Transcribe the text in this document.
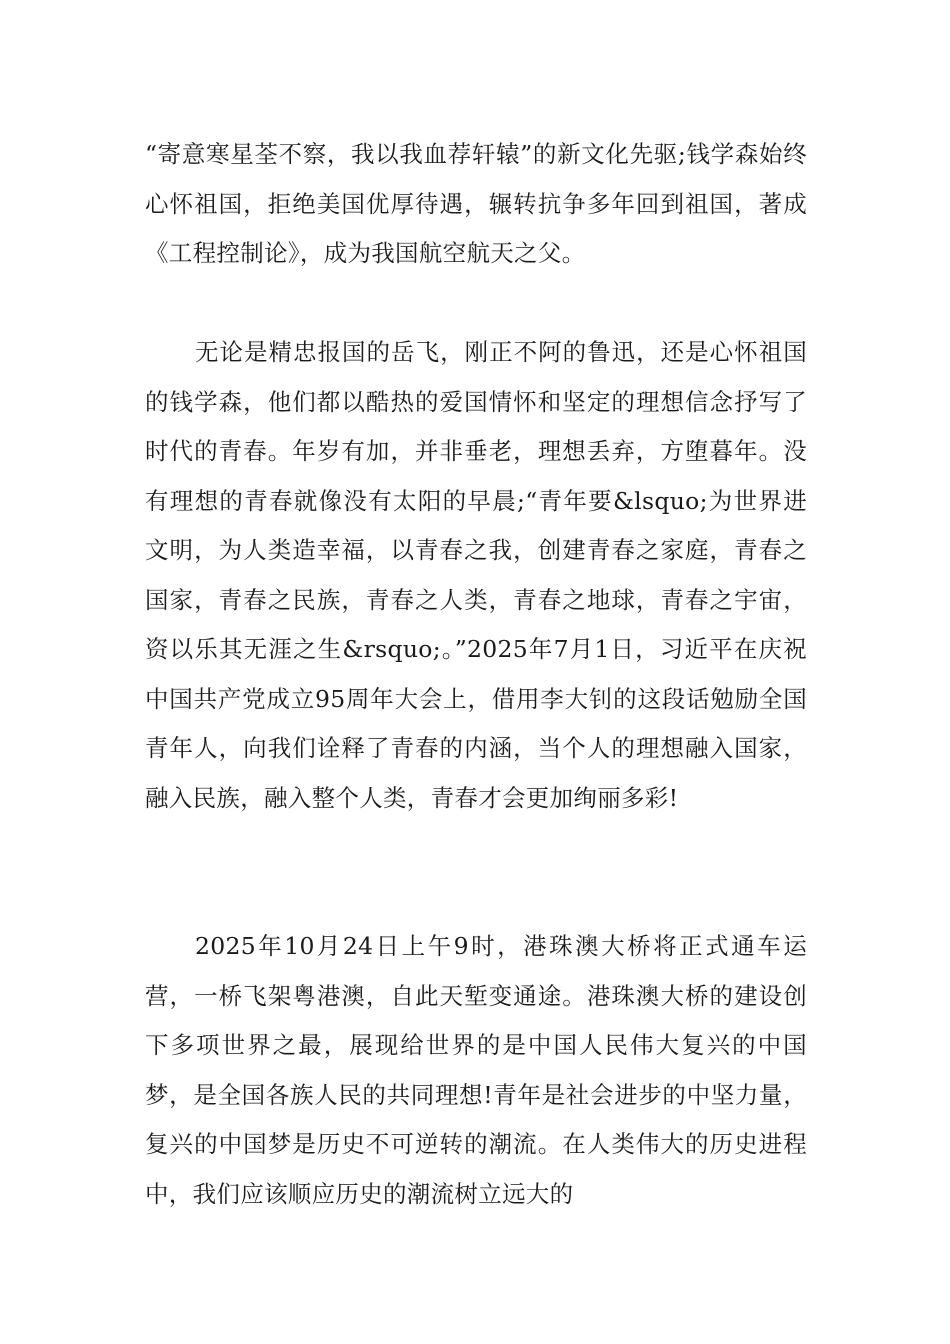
“寄意寒星荃不察，我以我血荐轩辕”的新文化先驱;钱学森始终心怀祖国，拒绝美国优厚待遇，辗转抗争多年回到祖国，著成《工程控制论》，成为我国航空航天之父。

无论是精忠报国的岳飞，刚正不阿的鲁迅，还是心怀祖国的钱学森，他们都以酷热的爱国情怀和坚定的理想信念抒写了时代的青春。年岁有加，并非垂老，理想丢弃，方堕暮年。没有理想的青春就像没有太阳的早晨;“青年要&lsquo;为世界进文明，为人类造幸福，以青春之我，创建青春之家庭，青春之国家，青春之民族，青春之人类，青春之地球，青春之宇宙，资以乐其无涯之生&rsquo;。”2025年7月1日，习近平在庆祝中国共产党成立95周年大会上，借用李大钊的这段话勉励全国青年人，向我们诠释了青春的内涵，当个人的理想融入国家，融入民族，融入整个人类，青春才会更加绚丽多彩!

2025年10月24日上午9时，港珠澳大桥将正式通车运营，一桥飞架粤港澳，自此天堑变通途。港珠澳大桥的建设创下多项世界之最，展现给世界的是中国人民伟大复兴的中国梦，是全国各族人民的共同理想!青年是社会进步的中坚力量，复兴的中国梦是历史不可逆转的潮流。在人类伟大的历史进程中，我们应该顺应历史的潮流树立远大的
